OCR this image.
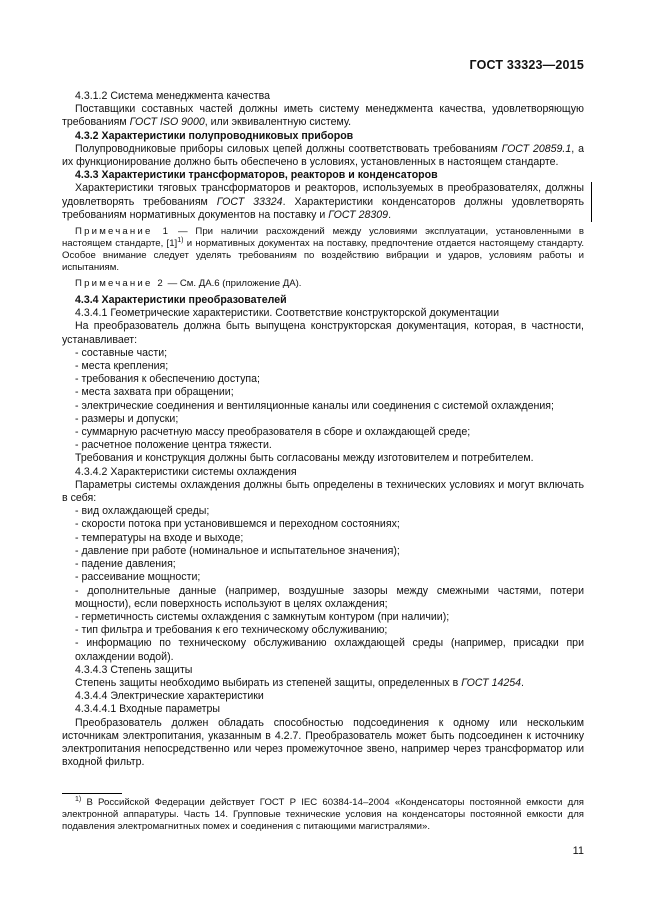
ГОСТ 33323—2015

4.3.1.2 Система менеджмента качества

Поставщики составных частей должны иметь систему менеджмента качества, удовлетворяющую требованиям ГОСТ ISO 9000, или эквивалентную систему.

4.3.2 Характеристики полупроводниковых приборов

Полупроводниковые приборы силовых цепей должны соответствовать требованиям ГОСТ 20859.1, а их функционирование должно быть обеспечено в условиях, установленных в настоящем стандарте.

4.3.3 Характеристики трансформаторов, реакторов и конденсаторов

Характеристики тяговых трансформаторов и реакторов, используемых в преобразователях, должны удовлетворять требованиям ГОСТ 33324. Характеристики конденсаторов должны удовлетворять требованиям нормативных документов на поставку и ГОСТ 28309.

Примечание 1 — При наличии расхождений между условиями эксплуатации, установленными в настоящем стандарте, $[1]^{1)}$ и нормативных документах на поставку, предпочтение отдается настоящему стандарту. Особое внимание следует уделять требованиям по воздействию вибрации и ударов, условиям работы и испытаниям.

Примечание 2 — См. ДА.6 (приложение ДА).

4.3.4 Характеристики преобразователей

4.3.4.1 Геометрические характеристики. Соответствие конструкторской документации

На преобразователь должна быть выпущена конструкторская документация, которая, в частности, устанавливает:

- составные части;

- места крепления;

- требования к обеспечению доступа;

- места захвата при обращении;

- электрические соединения и вентиляционные каналы или соединения с системой охлаждения;

- размеры и допуски;

- суммарную расчетную массу преобразователя в сборе и охлаждающей среде;

- расчетное положение центра тяжести.

Требования и конструкция должны быть согласованы между изготовителем и потребителем.

4.3.4.2 Характеристики системы охлаждения

Параметры системы охлаждения должны быть определены в технических условиях и могут включать в себя:

- вид охлаждающей среды;

- скорости потока при установившемся и переходном состояниях;

- температуры на входе и выходе;

- давление при работе (номинальное и испытательное значения);

- падение давления;

- рассеивание мощности;

- дополнительные данные (например, воздушные зазоры между смежными частями, потери мощности), если поверхность используют в целях охлаждения;

- герметичность системы охлаждения с замкнутым контуром (при наличии);

- тип фильтра и требования к его техническому обслуживанию;

- информацию по техническому обслуживанию охлаждающей среды (например, присадки при охлаждении водой).

4.3.4.3 Степень защиты

Степень защиты необходимо выбирать из степеней защиты, определенных в ГОСТ 14254.

4.3.4.4 Электрические характеристики

4.3.4.4.1 Входные параметры

Преобразователь должен обладать способностью подсоединения к одному или нескольким источникам электропитания, указанным в 4.2.7. Преобразователь может быть подсоединен к источнику электропитания непосредственно или через промежуточное звено, например через трансформатор или входной фильтр.

$^{1)}$ В Российской Федерации действует ГОСТ Р IEC 60384-14–2004 «Конденсаторы постоянной емкости для электронной аппаратуры. Часть 14. Групповые технические условия на конденсаторы постоянной емкости для подавления электромагнитных помех и соединения с питающими магистралями».

11
